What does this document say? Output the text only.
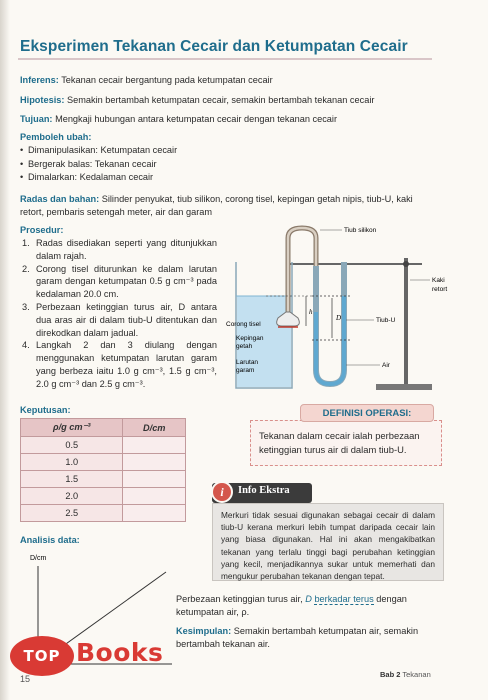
Eksperimen Tekanan Cecair dan Ketumpatan Cecair
Inferens: Tekanan cecair bergantung pada ketumpatan cecair
Hipotesis: Semakin bertambah ketumpatan cecair, semakin bertambah tekanan cecair
Tujuan: Mengkaji hubungan antara ketumpatan cecair dengan tekanan cecair
Pemboleh ubah:
• Dimanipulasikan: Ketumpatan cecair
• Bergerak balas: Tekanan cecair
• Dimalarkan: Kedalaman cecair
Radas dan bahan: Silinder penyukat, tiub silikon, corong tisel, kepingan getah nipis, tiub-U, kaki
retort, pembaris setengah meter, air dan garam
Prosedur:
1. Radas disediakan seperti yang ditunjukkan dalam rajah.
2. Corong tisel diturunkan ke dalam larutan garam dengan ketumpatan 0.5 g cm⁻³ pada kedalaman 20.0 cm.
3. Perbezaan ketinggian turus air, D antara dua aras air di dalam tiub-U ditentukan dan direkodkan dalam jadual.
4. Langkah 2 dan 3 diulang dengan menggunakan ketumpatan larutan garam yang berbeza iaitu 1.0 g cm⁻³, 1.5 g cm⁻³, 2.0 g cm⁻³ dan 2.5 g cm⁻³.
Tiub silikon
Kaki
retort
h
D	Tiub-U
Corong tisel
Kepingan
getah
Larutan
garam
Air
Keputusan:
ρ/g cm⁻³	D/cm
0.5	
1.0	
1.5	
2.0	
2.5	
Tekanan dalam cecair ialah perbezaan
ketinggian turus air di dalam tiub-U.
DEFINISI OPERASI:
i	Info Ekstra
Merkuri tidak sesuai digunakan sebagai cecair di dalam tiub-U kerana merkuri lebih tumpat daripada cecair lain yang biasa digunakan. Hal ini akan mengakibatkan tekanan yang terlalu tinggi bagi perubahan ketinggian yang kecil, menjadikannya sukar untuk memerhati dan mengukur perubahan tekanan dengan tepat.
Analisis data:
D/cm
Perbezaan ketinggian turus air, D berkadar terus dengan
ketumpatan air, ρ.
Kesimpulan: Semakin bertambah ketumpatan air, semakin
bertambah tekanan air.
TOP Books
15	Bab 2 Tekanan
